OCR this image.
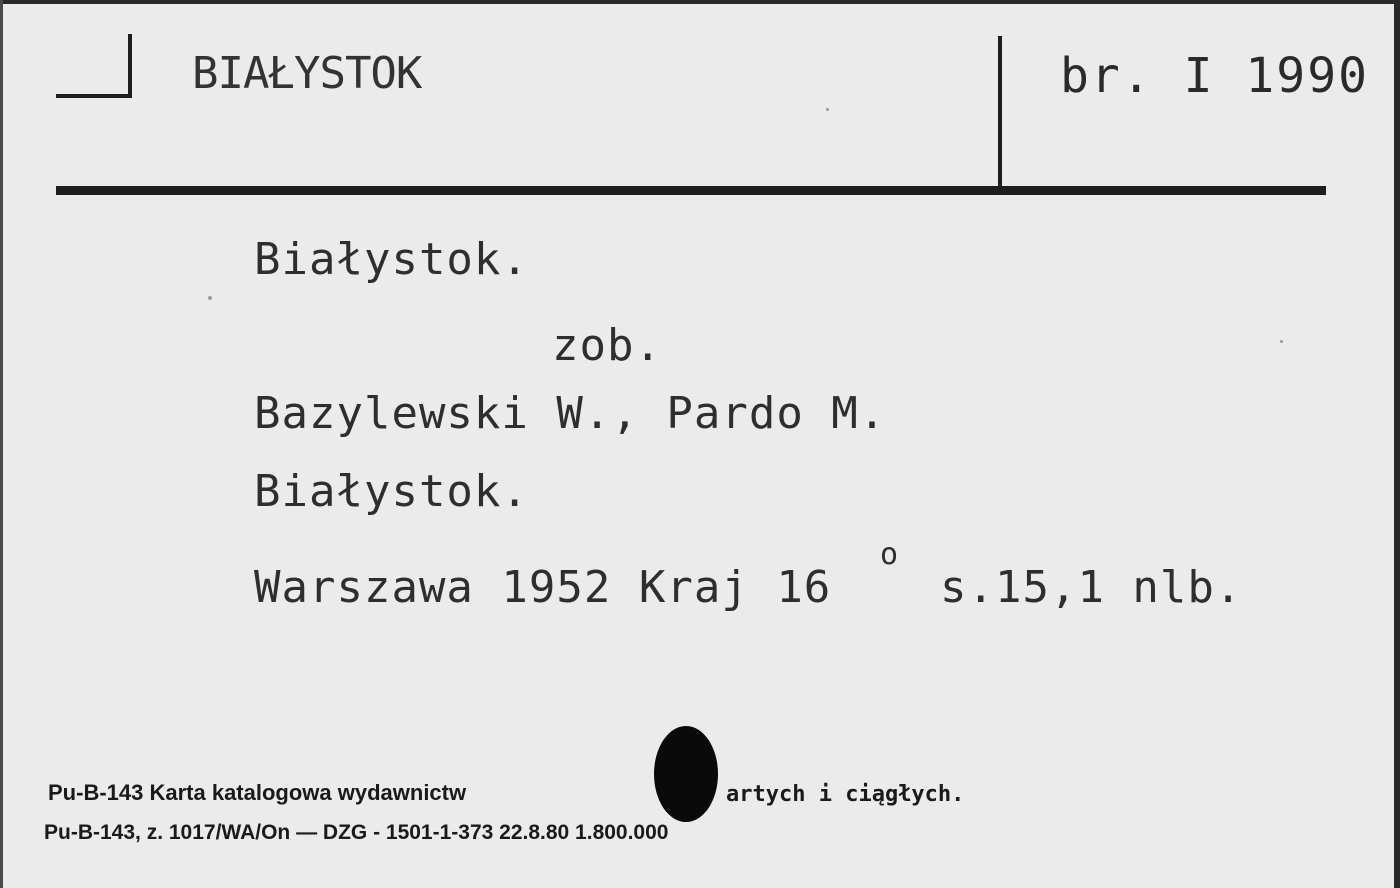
BIAŁYSTOK	br. I 1990
Białystok.
zob.
Bazylewski W., Pardo M.
Białystok.
Warszawa 1952 Kraj 16
o
s.15,1 nlb.
Pu-B-143 Karta katalogowa wydawnictw	artych i ciągłych.
Pu-B-143, z. 1017/WA/On — DZG - 1501-1-373 22.8.80 1.800.000
